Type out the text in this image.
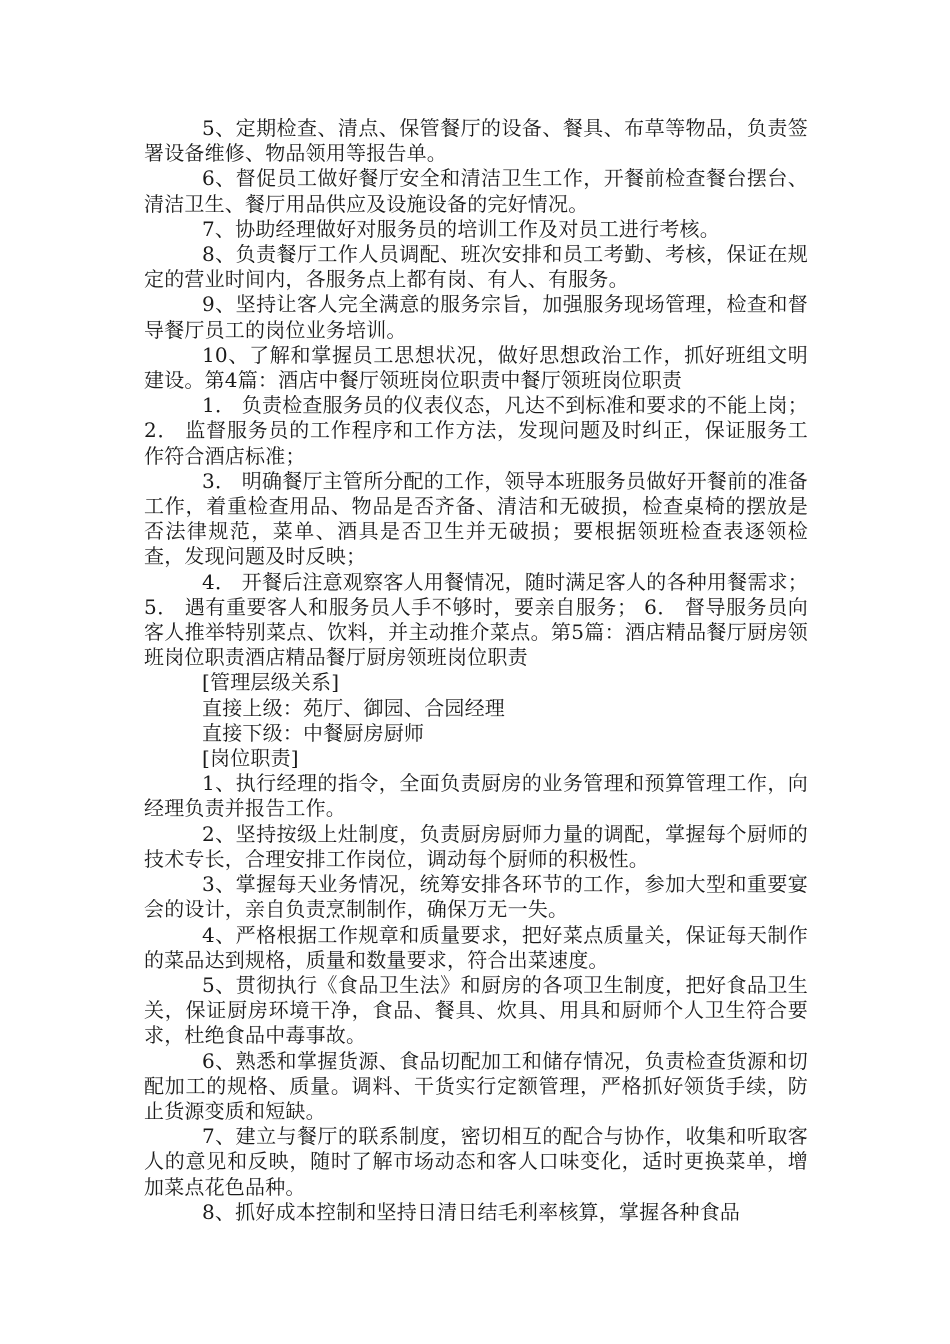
5、定期检查、清点、保管餐厅的设备、餐具、布草等物品，负责签署设备维修、物品领用等报告单。

6、督促员工做好餐厅安全和清洁卫生工作，开餐前检查餐台摆台、清洁卫生、餐厅用品供应及设施设备的完好情况。

7、协助经理做好对服务员的培训工作及对员工进行考核。

8、负责餐厅工作人员调配、班次安排和员工考勤、考核，保证在规定的营业时间内，各服务点上都有岗、有人、有服务。

9、坚持让客人完全满意的服务宗旨，加强服务现场管理，检查和督导餐厅员工的岗位业务培训。

10、了解和掌握员工思想状况，做好思想政治工作，抓好班组文明建设。第4篇：酒店中餐厅领班岗位职责中餐厅领班岗位职责

1． 负责检查服务员的仪表仪态，凡达不到标准和要求的不能上岗； 2． 监督服务员的工作程序和工作方法，发现问题及时纠正，保证服务工作符合酒店标准；

3． 明确餐厅主管所分配的工作，领导本班服务员做好开餐前的准备工作，着重检查用品、物品是否齐备、清洁和无破损，检查桌椅的摆放是否法律规范，菜单、酒具是否卫生并无破损；要根据领班检查表逐领检查，发现问题及时反映；

4． 开餐后注意观察客人用餐情况，随时满足客人的各种用餐需求； 5． 遇有重要客人和服务员人手不够时，要亲自服务； 6． 督导服务员向客人推举特别菜点、饮料，并主动推介菜点。第5篇：酒店精品餐厅厨房领班岗位职责酒店精品餐厅厨房领班岗位职责

[管理层级关系]

直接上级：苑厅、御园、合园经理

直接下级：中餐厨房厨师

[岗位职责]

1、执行经理的指令，全面负责厨房的业务管理和预算管理工作，向经理负责并报告工作。

2、坚持按级上灶制度，负责厨房厨师力量的调配，掌握每个厨师的技术专长，合理安排工作岗位，调动每个厨师的积极性。

3、掌握每天业务情况，统筹安排各环节的工作，参加大型和重要宴会的设计，亲自负责烹制制作，确保万无一失。

4、严格根据工作规章和质量要求，把好菜点质量关，保证每天制作的菜品达到规格，质量和数量要求，符合出菜速度。

5、贯彻执行《食品卫生法》和厨房的各项卫生制度，把好食品卫生关，保证厨房环境干净，食品、餐具、炊具、用具和厨师个人卫生符合要求，杜绝食品中毒事故。

6、熟悉和掌握货源、食品切配加工和储存情况，负责检查货源和切配加工的规格、质量。调料、干货实行定额管理，严格抓好领货手续，防止货源变质和短缺。

7、建立与餐厅的联系制度，密切相互的配合与协作，收集和听取客人的意见和反映，随时了解市场动态和客人口味变化，适时更换菜单，增加菜点花色品种。

8、抓好成本控制和坚持日清日结毛利率核算，掌握各种食品
